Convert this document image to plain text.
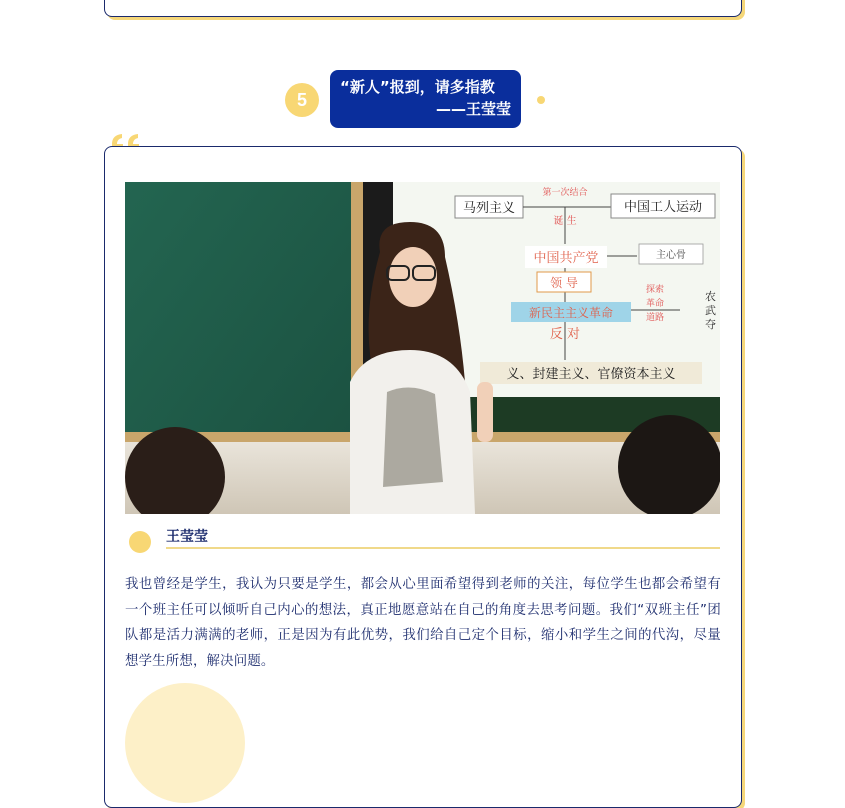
5
“新人”报到，请多指教
——王莹莹
马列主义
第一次结合
中国工人运动
诞 生
中国共产党	主心骨
领 导
新民主主义革命
探索
革命
道路
农
武
夺
反 对
义、封建主义、官僚资本主义
王莹莹
我也曾经是学生，我认为只要是学生，都会从心里面希望得到老师的关注，每位学生也都会希望有一个班主任可以倾听自己内心的想法，真正地愿意站在自己的角度去思考问题。我们“双班主任”团队都是活力满满的老师，正是因为有此优势，我们给自己定个目标，缩小和学生之间的代沟，尽量想学生所想，解决问题。
